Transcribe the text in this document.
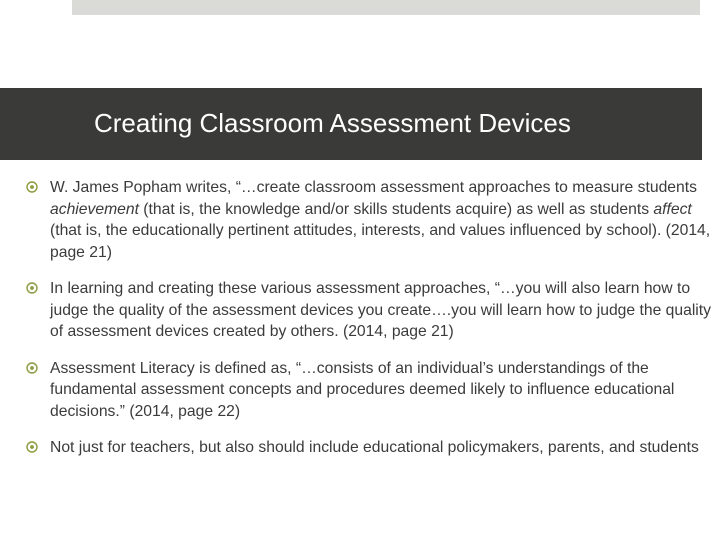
Creating Classroom Assessment Devices
W. James Popham writes, “…create classroom assessment approaches to measure students achievement (that is, the knowledge and/or skills students acquire) as well as students affect (that is, the educationally pertinent attitudes, interests, and values influenced by school). (2014, page 21)
In learning and creating these various assessment approaches, “…you will also learn how to judge the quality of the assessment devices you create….you will learn how to judge the quality of assessment devices created by others. (2014, page 21)
Assessment Literacy is defined as, “…consists of an individual’s understandings of the fundamental assessment concepts and procedures deemed likely to influence educational decisions.” (2014, page 22)
Not just for teachers, but also should include educational policymakers, parents, and students
